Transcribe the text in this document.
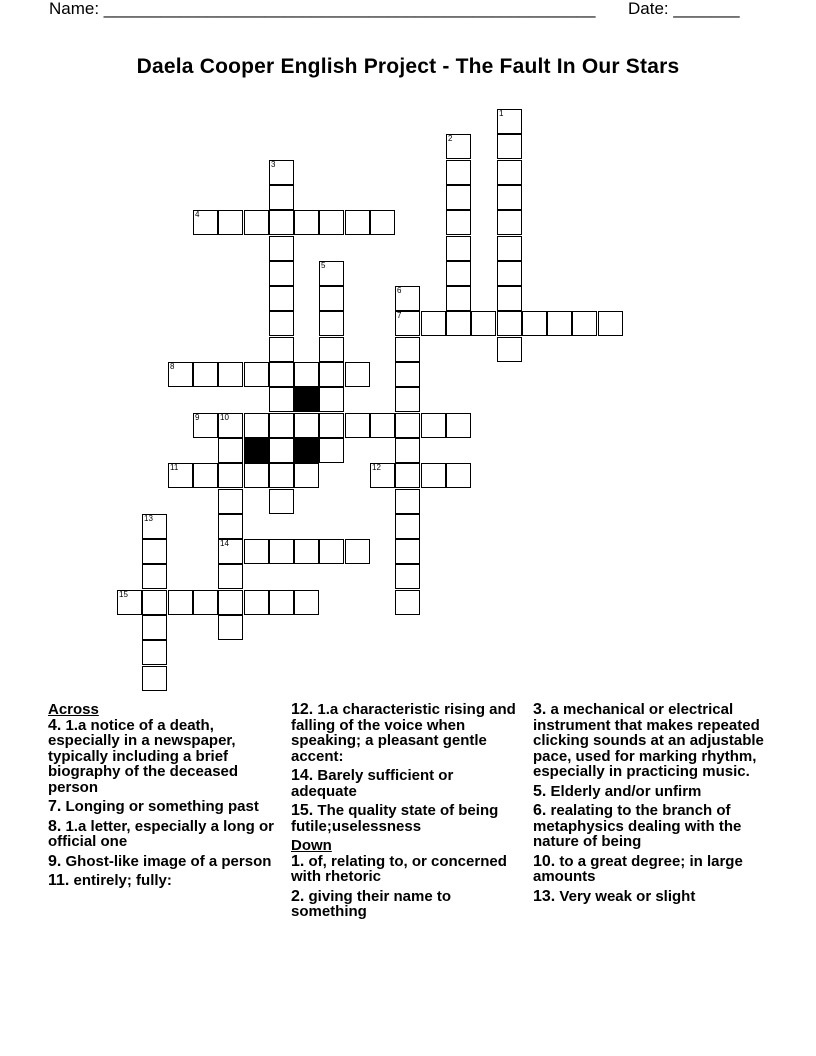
Name: ____________________________________________________ Date: _______
Daela Cooper English Project - The Fault In Our Stars
1
2
3
4
5
6
7
8
9	10
14
11	12
13
15
Across
4. 1.a notice of a death, especially in a newspaper, typically including a brief biography of the deceased person
7. Longing or something past
8. 1.a letter, especially a long or official one
9. Ghost-like image of a person
11. entirely; fully:
12. 1.a characteristic rising and falling of the voice when speaking; a pleasant gentle accent:
14. Barely sufficient or adequate
15. The quality state of being futile;uselessness
Down
1. of, relating to, or concerned with rhetoric
2. giving their name to something
3. a mechanical or electrical instrument that makes repeated clicking sounds at an adjustable pace, used for marking rhythm, especially in practicing music.
5. Elderly and/or unfirm
6. realating to the branch of metaphysics dealing with the nature of being
10. to a great degree; in large amounts
13. Very weak or slight
